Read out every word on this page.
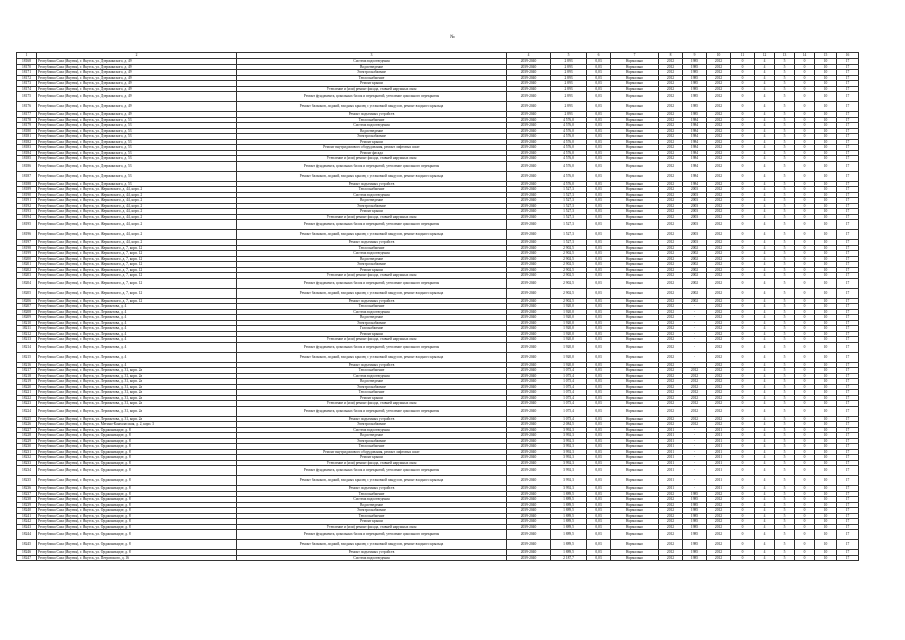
№
1	2	3	4	5	6	7	8	9	10	11	12	13	14	15	16
18168	Республика Саха (Якутия), г. Якутск, ул. Дзержинского, д. 49	Система водоотведения	2039-2040	2 893	0,03	Нормально	2012	1985	2012	0	4	5	0	10	17
18170	Республика Саха (Якутия), г. Якутск, ул. Дзержинского, д. 49	Водоотведение	2039-2040	2 893	0,03	Нормально	2012	1985	2012	0	4	5	0	10	17
18171	Республика Саха (Якутия), г. Якутск, ул. Дзержинского, д. 49	Электроснабжение	2039-2040	2 893	0,03	Нормально	2012	1985	2012	0	4	5	0	10	17
18172	Республика Саха (Якутия), г. Якутск, ул. Дзержинского, д. 49	Теплоснабжение	2039-2040	2 893	0,03	Нормально	2012	1985	2012	0	4	5	0	10	17
18173	Республика Саха (Якутия), г. Якутск, ул. Дзержинского, д. 49	Ремонт крыши	2039-2040	2 893	0,03	Нормально	2012	1985	2012	0	4	5	0	10	17
18174	Республика Саха (Якутия), г. Якутск, ул. Дзержинского, д. 49	Утепление и (или) ремонт фасада, ставней наружных окон	2039-2040	2 893	0,03	Нормально	2012	1985	2012	0	4	5	0	10	17
18175	Республика Саха (Якутия), г. Якутск, ул. Дзержинского, д. 49	Ремонт фундамента, цокольных балок и перекрытий, утепление цокольного перекрытия	2039-2040	2 893	0,03	Нормально	2012	1985	2012	0	4	5	0	10	17
18176	Республика Саха (Якутия), г. Якутск, ул. Дзержинского, д. 49	Ремонт балконов, лоджий, входных крылец с установкой пандусов, ремонт входного крыльца	2039-2040	2 893	0,03	Нормально	2012	1985	2012	0	4	5	0	10	17
18177	Республика Саха (Якутия), г. Якутск, ул. Дзержинского, д. 49	Ремонт подъемных устройств	2039-2040	2 893	0,03	Нормально	2012	1985	2012	0	4	5	0	10	17
18178	Республика Саха (Якутия), г. Якутск, ул. Дзержинского, д. 53	Теплоснабжение	2039-2040	4 576,0	0,03	Нормально	2012	1984	2012	0	4	5	0	10	17
18179	Республика Саха (Якутия), г. Якутск, ул. Дзержинского, д. 53	Система водоотведения	2039-2040	4 576,0	0,03	Нормально	2012	1984	2012	0	4	5	0	10	17
18180	Республика Саха (Якутия), г. Якутск, ул. Дзержинского, д. 53	Водоотведение	2039-2040	4 576,0	0,03	Нормально	2012	1984	2012	0	4	5	0	10	17
18181	Республика Саха (Якутия), г. Якутск, ул. Дзержинского, д. 53	Электроснабжение	2039-2040	4 576,0	0,03	Нормально	2012	1984	2012	0	4	5	0	10	17
18182	Республика Саха (Якутия), г. Якутск, ул. Дзержинского, д. 53	Ремонт крыши	2039-2040	4 576,0	0,03	Нормально	2012	1984	2012	0	4	5	0	10	17
18183	Республика Саха (Якутия), г. Якутск, ул. Дзержинского, д. 53	Ремонт внутридомового оборудования, ремонт лифтовых шахт	2039-2040	4 576,0	0,03	Нормально	2012	1984	2012	0	4	5	0	10	17
18184	Республика Саха (Якутия), г. Якутск, ул. Дзержинского, д. 53	Ремонт фасада	2039-2040	4 576,0	0,03	Нормально	2012	1984	2012	0	4	5	0	10	17
18185	Республика Саха (Якутия), г. Якутск, ул. Дзержинского, д. 53	Утепление и (или) ремонт фасада, ставней наружных окон	2039-2040	4 576,0	0,03	Нормально	2012	1984	2012	0	4	5	0	10	17
18186	Республика Саха (Якутия), г. Якутск, ул. Дзержинского, д. 53	Ремонт фундамента, цокольных балок и перекрытий, утепление цокольного перекрытия	2039-2040	4 576,0	0,03	Нормально	2012	1984	2012	0	4	5	0	10	17
18187	Республика Саха (Якутия), г. Якутск, ул. Дзержинского, д. 53	Ремонт балконов, лоджий, входных крылец с установкой пандусов, ремонт входного крыльца	2039-2040	4 576,0	0,03	Нормально	2012	1984	2012	0	4	5	0	10	17
18188	Республика Саха (Якутия), г. Якутск, ул. Дзержинского, д. 53	Ремонт подъемных устройств	2039-2040	4 576,0	0,03	Нормально	2012	1984	2012	0	4	5	0	10	17
18189	Республика Саха (Якутия), г. Якутск, ул. Жерновского, д. 44, корп. 2	Теплоснабжение	2039-2040	1 527,3	0,03	Нормально	2012	2003	2012	0	4	5	0	10	17
18190	Республика Саха (Якутия), г. Якутск, ул. Жерновского, д. 44, корп. 2	Система водоотведения	2039-2040	1 527,3	0,03	Нормально	2012	2003	2012	0	4	5	0	10	17
18191	Республика Саха (Якутия), г. Якутск, ул. Жерновского, д. 44, корп. 2	Водоотведение	2039-2040	1 527,3	0,03	Нормально	2012	2003	2012	0	4	5	0	10	17
18192	Республика Саха (Якутия), г. Якутск, ул. Жерновского, д. 44, корп. 2	Электроснабжение	2039-2040	1 527,3	0,03	Нормально	2012	2003	2012	0	4	5	0	10	17
18193	Республика Саха (Якутия), г. Якутск, ул. Жерновского, д. 44, корп. 2	Ремонт крыши	2039-2040	1 527,3	0,03	Нормально	2012	2003	2012	0	4	5	0	10	17
18194	Республика Саха (Якутия), г. Якутск, ул. Жерновского, д. 44, корп. 2	Утепление и (или) ремонт фасада, ставней наружных окон	2039-2040	1 527,3	0,03	Нормально	2012	2003	2012	0	4	5	0	10	17
18195	Республика Саха (Якутия), г. Якутск, ул. Жерновского, д. 44, корп. 2	Ремонт фундамента, цокольных балок и перекрытий, утепление цокольного перекрытия	2039-2040	1 527,3	0,03	Нормально	2012	2003	2012	0	4	5	0	10	17
18196	Республика Саха (Якутия), г. Якутск, ул. Жерновского, д. 44, корп. 2	Ремонт балконов, лоджий, входных крылец с установкой пандусов, ремонт входного крыльца	2039-2040	1 527,3	0,03	Нормально	2012	2003	2012	0	4	5	0	10	17
18197	Республика Саха (Якутия), г. Якутск, ул. Жерновского, д. 44, корп. 2	Ремонт подъемных устройств	2039-2040	1 527,3	0,03	Нормально	2012	2003	2012	0	4	5	0	10	17
18198	Республика Саха (Якутия), г. Якутск, ул. Жерновского, д. 7, корп. 12	Теплоснабжение	2039-2040	2 902,5	0,03	Нормально	2012	2002	2012	0	4	5	0	10	17
18199	Республика Саха (Якутия), г. Якутск, ул. Жерновского, д. 7, корп. 12	Система водоотведения	2039-2040	2 902,5	0,03	Нормально	2012	2002	2012	0	4	5	0	10	17
18200	Республика Саха (Якутия), г. Якутск, ул. Жерновского, д. 7, корп. 12	Водоотведение	2039-2040	2 902,5	0,03	Нормально	2012	2002	2012	0	4	5	0	10	17
18201	Республика Саха (Якутия), г. Якутск, ул. Жерновского, д. 7, корп. 12	Электроснабжение	2039-2040	2 902,5	0,03	Нормально	2012	2002	2012	0	4	5	0	10	17
18202	Республика Саха (Якутия), г. Якутск, ул. Жерновского, д. 7, корп. 12	Ремонт крыши	2039-2040	2 902,5	0,03	Нормально	2012	2002	2012	0	4	5	0	10	17
18203	Республика Саха (Якутия), г. Якутск, ул. Жерновского, д. 7, корп. 12	Утепление и (или) ремонт фасада, ставней наружных окон	2039-2040	2 902,5	0,03	Нормально	2012	2002	2012	0	4	5	0	10	17
18204	Республика Саха (Якутия), г. Якутск, ул. Жерновского, д. 7, корп. 12	Ремонт фундамента, цокольных балок и перекрытий, утепление цокольного перекрытия	2039-2040	2 902,5	0,03	Нормально	2012	2002	2012	0	4	5	0	10	17
18205	Республика Саха (Якутия), г. Якутск, ул. Жерновского, д. 7, корп. 12	Ремонт балконов, лоджий, входных крылец с установкой пандусов, ремонт входного крыльца	2039-2040	2 902,5	0,03	Нормально	2012	2002	2012	0	4	5	0	10	17
18206	Республика Саха (Якутия), г. Якутск, ул. Жерновского, д. 7, корп. 12	Ремонт подъемных устройств	2039-2040	2 902,5	0,03	Нормально	2012	2002	2012	0	4	5	0	10	17
18207	Республика Саха (Якутия), г. Якутск, ул. Лермонтова, д. 4	Теплоснабжение	2039-2040	1 920,0	0,03	Нормально	2012	-	2012	0	4	5	0	10	17
18208	Республика Саха (Якутия), г. Якутск, ул. Лермонтова, д. 4	Система водоотведения	2039-2040	1 920,0	0,03	Нормально	2012	-	2012	0	4	5	0	10	17
18209	Республика Саха (Якутия), г. Якутск, ул. Лермонтова, д. 4	Водоотведение	2039-2040	1 920,0	0,03	Нормально	2012	-	2012	0	4	5	0	10	17
18210	Республика Саха (Якутия), г. Якутск, ул. Лермонтова, д. 4	Электроснабжение	2039-2040	1 920,0	0,03	Нормально	2012	-	2012	0	4	5	0	10	17
18211	Республика Саха (Якутия), г. Якутск, ул. Лермонтова, д. 4	Газоснабжение	2039-2040	1 920,0	0,03	Нормально	2012	-	2012	0	4	5	0	10	17
18212	Республика Саха (Якутия), г. Якутск, ул. Лермонтова, д. 4	Ремонт крыши	2039-2040	1 920,0	0,03	Нормально	2012	-	2012	0	4	5	0	10	17
18213	Республика Саха (Якутия), г. Якутск, ул. Лермонтова, д. 4	Утепление и (или) ремонт фасада, ставней наружных окон	2039-2040	1 920,0	0,03	Нормально	2012	-	2012	0	4	5	0	10	17
18214	Республика Саха (Якутия), г. Якутск, ул. Лермонтова, д. 4	Ремонт фундамента, цокольных балок и перекрытий, утепление цокольного перекрытия	2039-2040	1 920,0	0,03	Нормально	2012	-	2012	0	4	5	0	10	17
18215	Республика Саха (Якутия), г. Якутск, ул. Лермонтова, д. 4	Ремонт балконов, лоджий, входных крылец с установкой пандусов, ремонт входного крыльца	2039-2040	1 920,0	0,03	Нормально	2012	-	2012	0	4	5	0	10	17
18216	Республика Саха (Якутия), г. Якутск, ул. Лермонтова, д. 4	Ремонт подъемных устройств	2039-2040	1 920,0	0,03	Нормально	2012	-	2012	0	4	5	0	10	17
18217	Республика Саха (Якутия), г. Якутск, ул. Лермонтова, д. 31, корп. 2а	Теплоснабжение	2039-2040	1 075,4	0,03	Нормально	2012	2012	2012	0	4	5	0	10	17
18218	Республика Саха (Якутия), г. Якутск, ул. Лермонтова, д. 31, корп. 2а	Система водоотведения	2039-2040	1 075,4	0,03	Нормально	2012	2012	2012	0	4	5	0	10	17
18219	Республика Саха (Якутия), г. Якутск, ул. Лермонтова, д. 31, корп. 2а	Водоотведение	2039-2040	1 075,4	0,03	Нормально	2012	2012	2012	0	4	5	0	10	17
18220	Республика Саха (Якутия), г. Якутск, ул. Лермонтова, д. 31, корп. 2а	Электроснабжение	2039-2040	1 075,4	0,03	Нормально	2012	2012	2012	0	4	5	0	10	17
18221	Республика Саха (Якутия), г. Якутск, ул. Лермонтова, д. 31, корп. 2а	Теплоснабжение	2039-2040	1 075,4	0,03	Нормально	2012	2012	2012	0	4	5	0	10	17
18222	Республика Саха (Якутия), г. Якутск, ул. Лермонтова, д. 31, корп. 2а	Ремонт крыши	2039-2040	1 075,4	0,03	Нормально	2012	2012	2012	0	4	5	0	10	17
18223	Республика Саха (Якутия), г. Якутск, ул. Лермонтова, д. 31, корп. 2а	Утепление и (или) ремонт фасада, ставней наружных окон	2039-2040	1 075,4	0,03	Нормально	2012	2012	2012	0	4	5	0	10	17
18224	Республика Саха (Якутия), г. Якутск, ул. Лермонтова, д. 31, корп. 2а	Ремонт фундамента, цокольных балок и перекрытий, утепление цокольного перекрытия	2039-2040	1 075,4	0,03	Нормально	2012	2012	2012	0	4	5	0	10	17
18225	Республика Саха (Якутия), г. Якутск, ул. Лермонтова, д. 31, корп. 2а	Ремонт подъемных устройств	2039-2040	1 075,4	0,03	Нормально	2012	2012	2012	0	4	5	0	10	17
18226	Республика Саха (Якутия), г. Якутск, ул. Мегино-Кангаласская, д. 2, корп. 3	Электроснабжение	2039-2040	2 084,5	0,03	Нормально	2012	2012	2012	0	4	5	0	10	17
18227	Республика Саха (Якутия), г. Якутск, ул. Орджоникидзе, д. 8	Система водоотведения	2039-2040	3 992,3	0,03	Нормально	2011	-	2011	0	4	5	0	10	17
18228	Республика Саха (Якутия), г. Якутск, ул. Орджоникидзе, д. 8	Водоотведение	2039-2040	3 992,3	0,03	Нормально	2011	-	2011	0	4	5	0	10	17
18229	Республика Саха (Якутия), г. Якутск, ул. Орджоникидзе, д. 8	Электроснабжение	2039-2040	3 992,3	0,03	Нормально	2011	-	2011	0	4	5	0	10	17
18230	Республика Саха (Якутия), г. Якутск, ул. Орджоникидзе, д. 8	Теплоснабжение	2039-2040	3 992,3	0,03	Нормально	2011	-	2011	0	4	5	0	10	17
18231	Республика Саха (Якутия), г. Якутск, ул. Орджоникидзе, д. 8	Ремонт внутридомового оборудования, ремонт лифтовых шахт	2039-2040	3 992,3	0,03	Нормально	2011	-	2011	0	4	5	0	10	17
18232	Республика Саха (Якутия), г. Якутск, ул. Орджоникидзе, д. 8	Ремонт крыши	2039-2040	3 992,3	0,03	Нормально	2011	-	2011	0	4	5	0	10	17
18233	Республика Саха (Якутия), г. Якутск, ул. Орджоникидзе, д. 8	Утепление и (или) ремонт фасада, ставней наружных окон	2039-2040	3 992,3	0,03	Нормально	2011	-	2011	0	4	5	0	10	17
18234	Республика Саха (Якутия), г. Якутск, ул. Орджоникидзе, д. 8	Ремонт фундамента, цокольных балок и перекрытий, утепление цокольного перекрытия	2039-2040	3 992,3	0,03	Нормально	2011	-	2011	0	4	5	0	10	17
18235	Республика Саха (Якутия), г. Якутск, ул. Орджоникидзе, д. 8	Ремонт балконов, лоджий, входных крылец с установкой пандусов, ремонт входного крыльца	2039-2040	3 992,3	0,03	Нормально	2011	-	2011	0	4	5	0	10	17
18236	Республика Саха (Якутия), г. Якутск, ул. Орджоникидзе, д. 8	Ремонт подъемных устройств	2039-2040	3 992,3	0,03	Нормально	2011	-	2011	0	4	5	0	10	17
18237	Республика Саха (Якутия), г. Якутск, ул. Орджоникидзе, д. 8	Теплоснабжение	2039-2040	1 889,5	0,03	Нормально	2012	1985	2012	0	4	5	0	10	17
18238	Республика Саха (Якутия), г. Якутск, ул. Орджоникидзе, д. 8	Система водоотведения	2039-2040	1 889,5	0,03	Нормально	2012	1985	2012	0	4	5	0	10	17
18239	Республика Саха (Якутия), г. Якутск, ул. Орджоникидзе, д. 8	Водоотведение	2039-2040	1 889,5	0,03	Нормально	2012	1985	2012	0	4	5	0	10	17
18240	Республика Саха (Якутия), г. Якутск, ул. Орджоникидзе, д. 8	Электроснабжение	2039-2040	1 889,5	0,03	Нормально	2012	1985	2012	0	4	5	0	10	17
18241	Республика Саха (Якутия), г. Якутск, ул. Орджоникидзе, д. 8	Теплоснабжение	2039-2040	1 889,5	0,03	Нормально	2012	1985	2012	0	4	5	0	10	17
18242	Республика Саха (Якутия), г. Якутск, ул. Орджоникидзе, д. 8	Ремонт крыши	2039-2040	1 889,5	0,03	Нормально	2012	1985	2012	0	4	5	0	10	17
18243	Республика Саха (Якутия), г. Якутск, ул. Орджоникидзе, д. 8	Утепление и (или) ремонт фасада, ставней наружных окон	2039-2040	1 889,5	0,03	Нормально	2012	1985	2012	0	4	5	0	10	17
18244	Республика Саха (Якутия), г. Якутск, ул. Орджоникидзе, д. 8	Ремонт фундамента, цокольных балок и перекрытий, утепление цокольного перекрытия	2039-2040	1 889,5	0,03	Нормально	2012	1985	2012	0	4	5	0	10	17
18245	Республика Саха (Якутия), г. Якутск, ул. Орджоникидзе, д. 8	Ремонт балконов, лоджий, входных крылец с установкой пандусов, ремонт входного крыльца	2039-2040	1 889,5	0,03	Нормально	2012	1985	2012	0	4	5	0	10	17
18246	Республика Саха (Якутия), г. Якутск, ул. Орджоникидзе, д. 8	Ремонт подъемных устройств	2039-2040	1 889,5	0,03	Нормально	2012	1985	2012	0	4	5	0	10	17
18247	Республика Саха (Якутия), г. Якутск, ул. Петровского, д. 16	Система водоотведения	2039-2040	2 187,7	0,03	Нормально	2012	1985	2012	0	4	5	0	10	17
